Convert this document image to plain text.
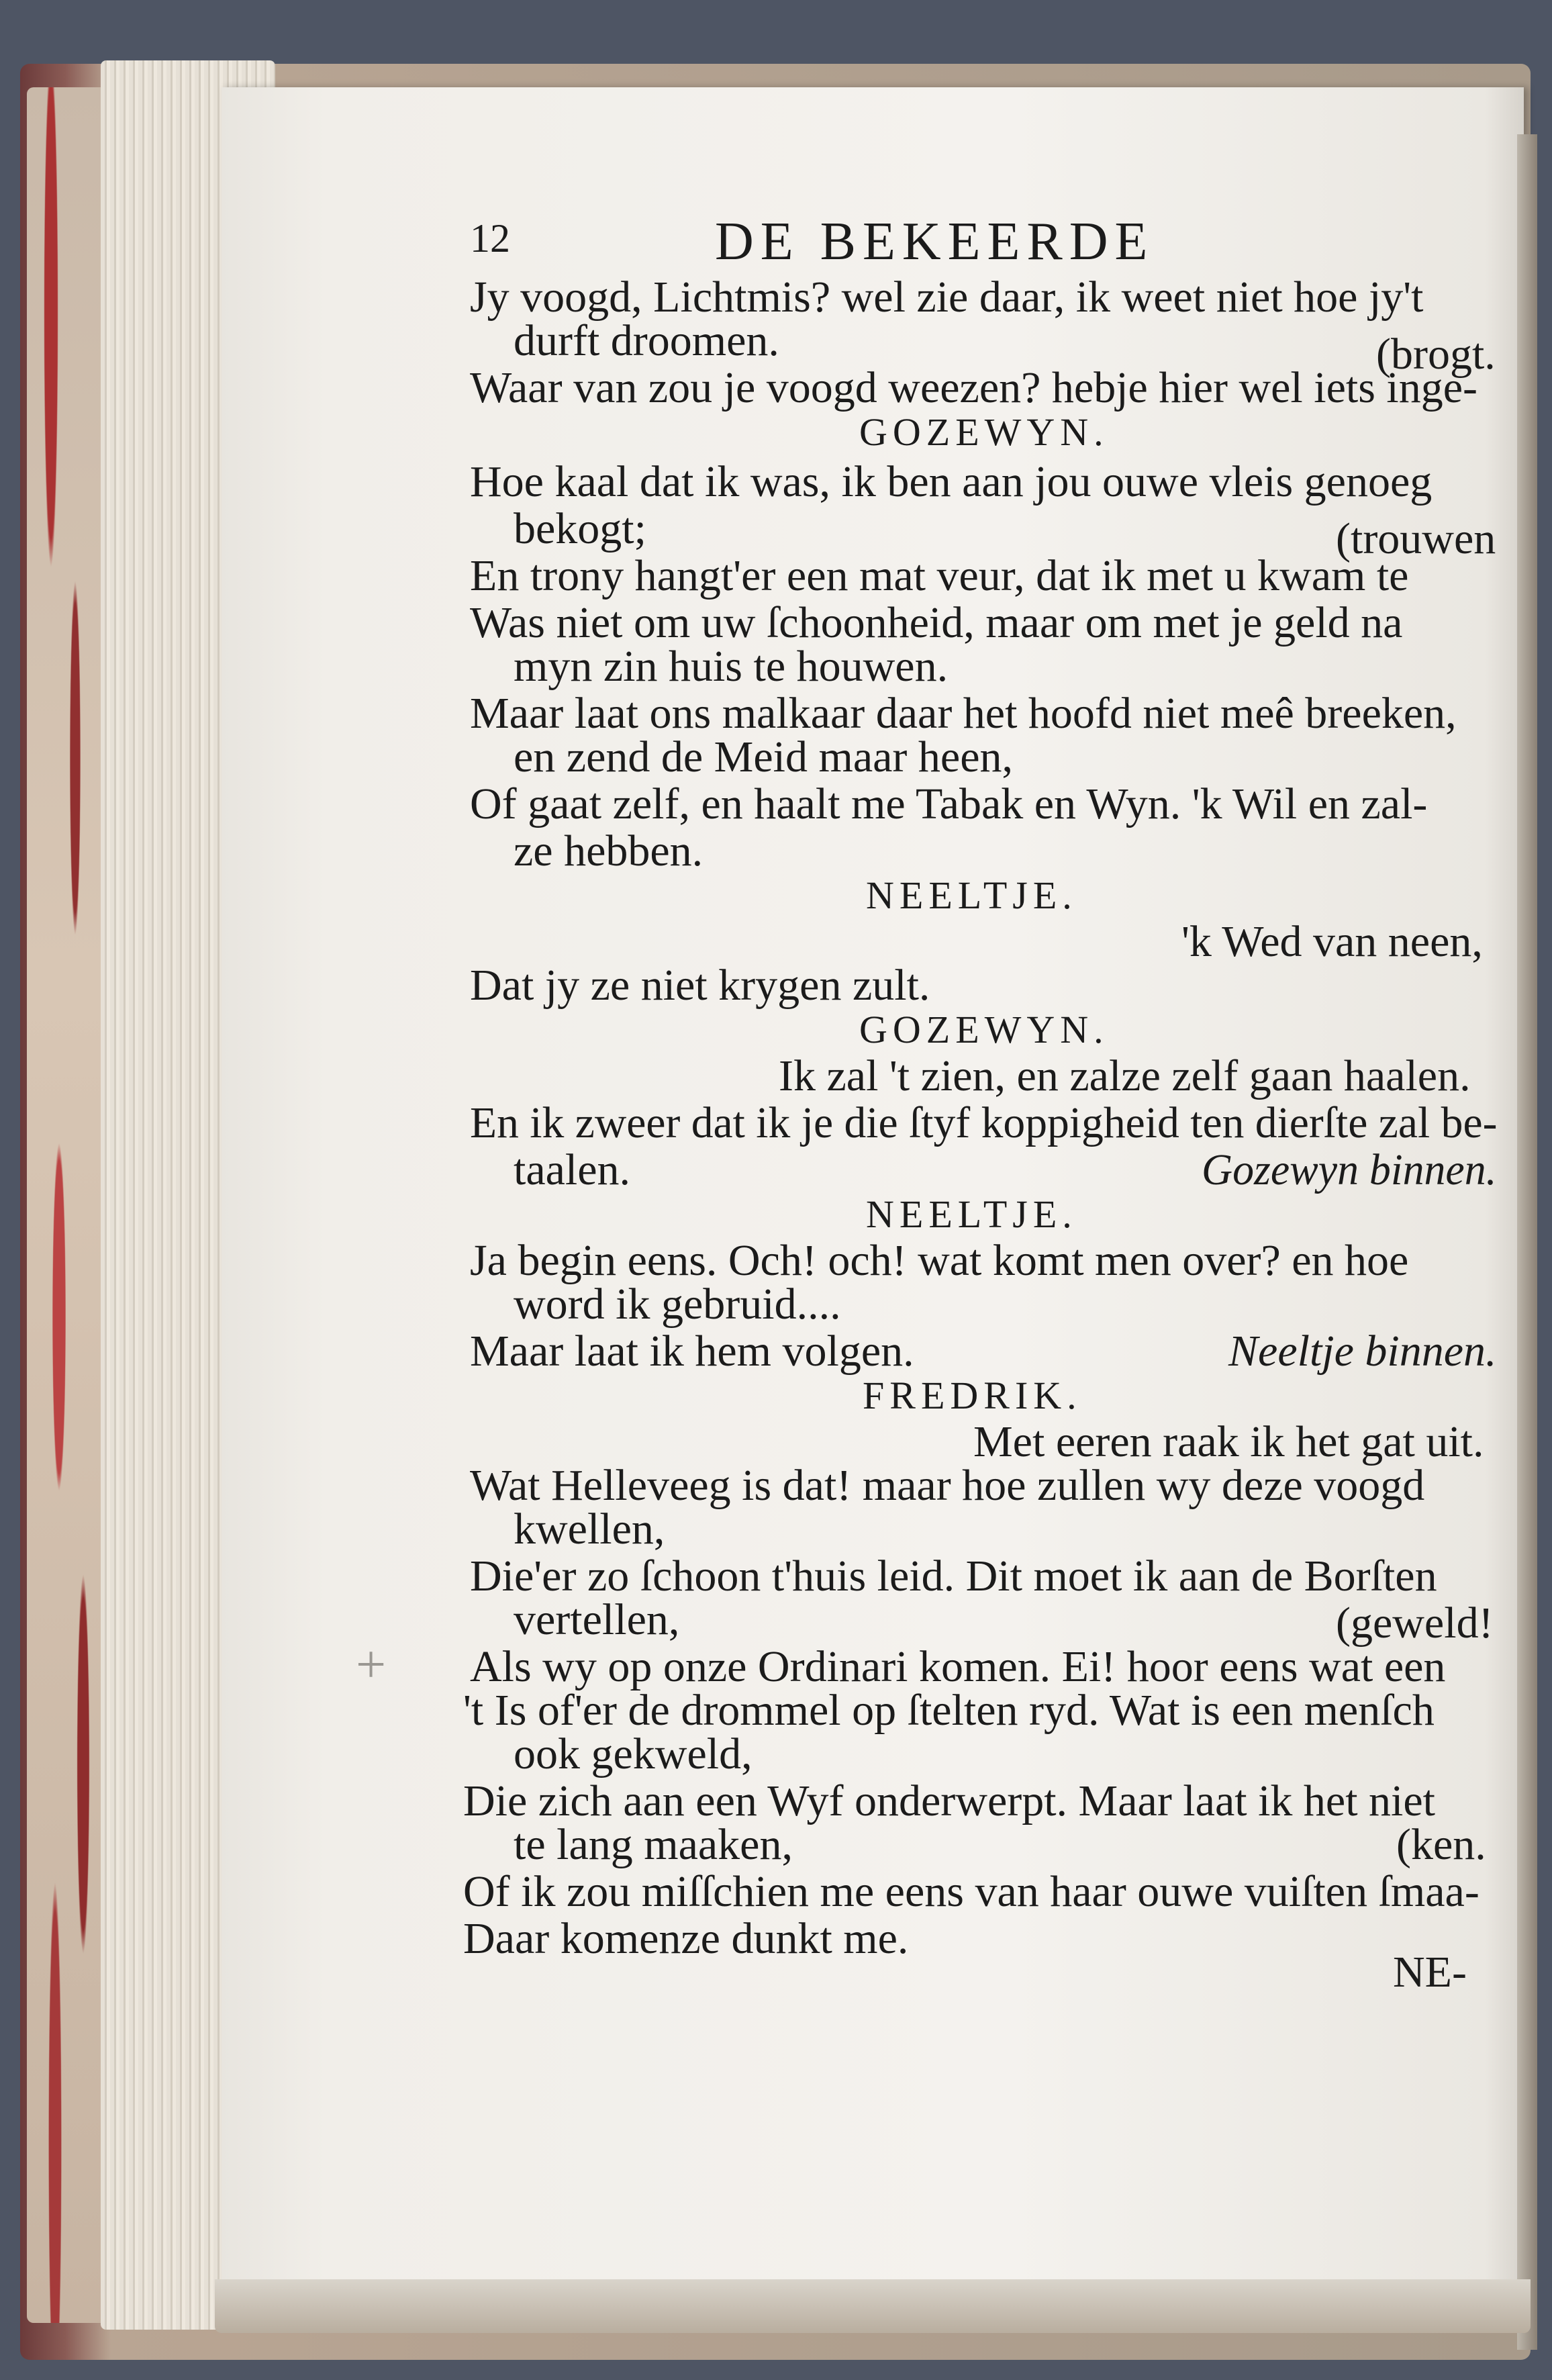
+
12	DE BEKEERDE
Jy voogd, Lichtmis? wel zie daar, ik weet niet hoe jy't
durft droomen.	(brogt.
Waar van zou je voogd weezen? hebje hier wel iets inge-
GOZEWYN.
Hoe kaal dat ik was, ik ben aan jou ouwe vleis genoeg
bekogt;	(trouwen
En trony hangt'er een mat veur, dat ik met u kwam te
Was niet om uw ſchoonheid, maar om met je geld na
myn zin huis te houwen.
Maar laat ons malkaar daar het hoofd niet meê breeken,
en zend de Meid maar heen,
Of gaat zelf, en haalt me Tabak en Wyn. 'k Wil en zal-
ze hebben.
NEELTJE.
'k Wed van neen,
Dat jy ze niet krygen zult.
GOZEWYN.
Ik zal 't zien, en zalze zelf gaan haalen.
En ik zweer dat ik je die ſtyf koppigheid ten dierſte zal be-
taalen.	Gozewyn binnen.
NEELTJE.
Ja begin eens. Och! och! wat komt men over? en hoe
word ik gebruid....
Maar laat ik hem volgen.	Neeltje binnen.
FREDRIK.
Met eeren raak ik het gat uit.
Wat Helleveeg is dat! maar hoe zullen wy deze voogd
kwellen,
Die'er zo ſchoon t'huis leid. Dit moet ik aan de Borſten
vertellen,	(geweld!
Als wy op onze Ordinari komen. Ei! hoor eens wat een
't Is of'er de drommel op ſtelten ryd. Wat is een menſch
ook gekweld,
Die zich aan een Wyf onderwerpt. Maar laat ik het niet
te lang maaken,	(ken.
Of ik zou miſſchien me eens van haar ouwe vuiſten ſmaa-
Daar komenze dunkt me.
NE-
